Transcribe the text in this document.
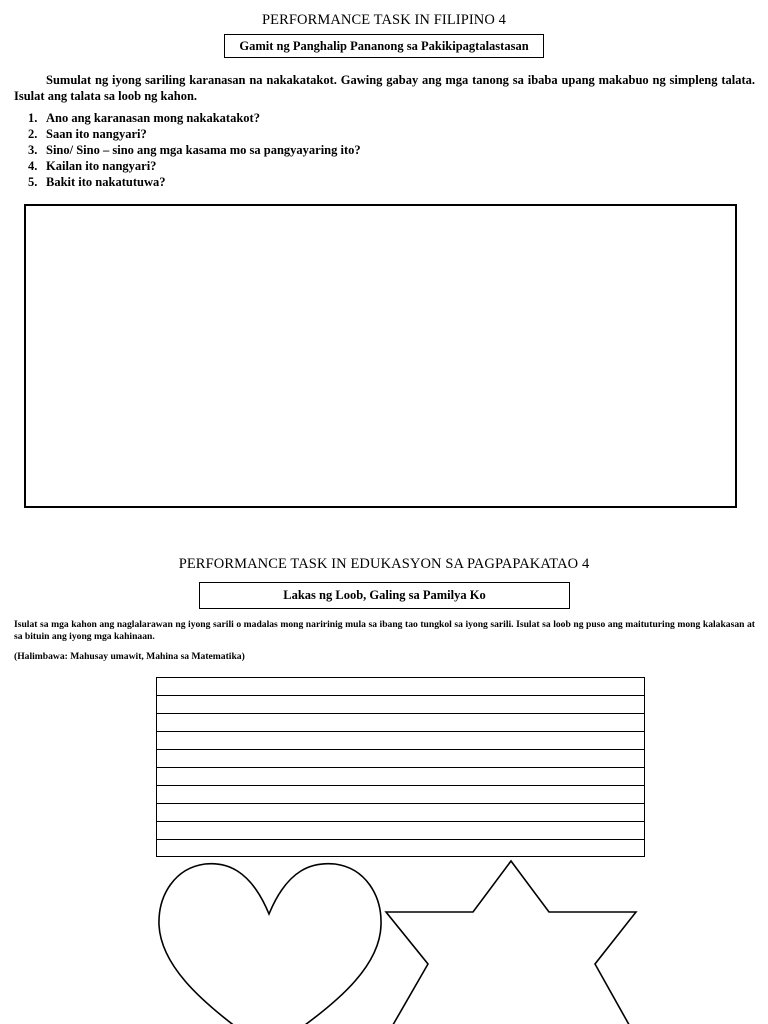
PERFORMANCE TASK IN FILIPINO 4
Gamit ng Panghalip Pananong sa Pakikipagtalastasan
Sumulat ng iyong sariling karanasan na nakakatakot. Gawing gabay ang mga tanong sa ibaba upang makabuo ng simpleng talata. Isulat ang talata sa loob ng kahon.
1. Ano ang karanasan mong nakakatakot?
2. Saan ito nangyari?
3. Sino/ Sino – sino ang mga kasama mo sa pangyayaring ito?
4. Kailan ito nangyari?
5. Bakit ito nakatutuwa?
PERFORMANCE TASK IN EDUKASYON SA PAGPAPAKATAO 4
Lakas ng Loob, Galing sa Pamilya Ko
Isulat sa mga kahon ang naglalarawan ng iyong sarili o madalas mong naririnig mula sa ibang tao tungkol sa iyong sarili. Isulat sa loob ng puso ang maituturing mong kalakasan at sa bituin ang iyong mga kahinaan.
(Halimbawa: Mahusay umawit, Mahina sa Matematika)
